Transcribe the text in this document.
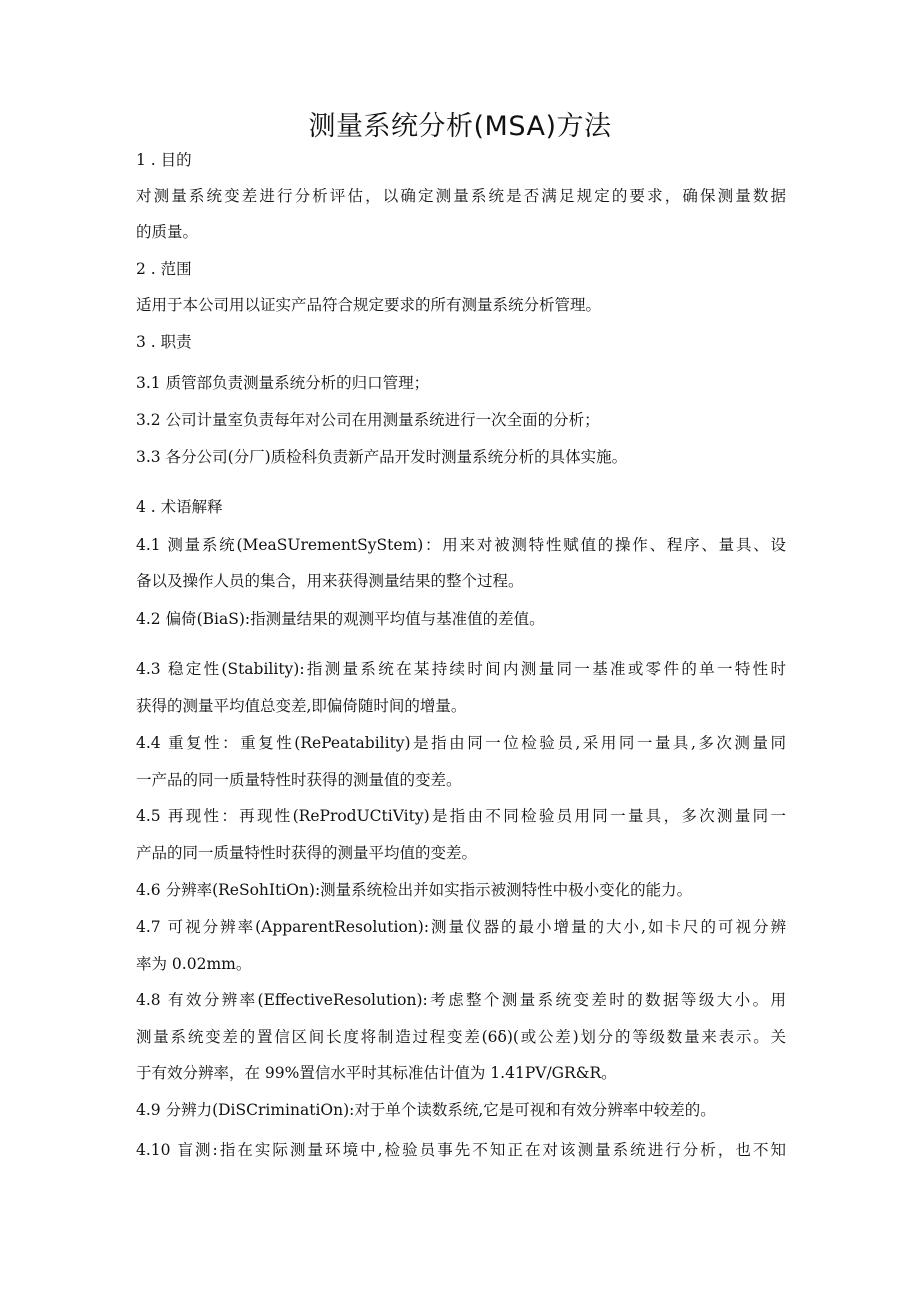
测量系统分析(MSA)方法
1 . 目的
对测量系统变差进行分析评估，以确定测量系统是否满足规定的要求，确保测量数据
的质量。
2 . 范围
适用于本公司用以证实产品符合规定要求的所有测量系统分析管理。
3 . 职责
3.1 质管部负责测量系统分析的归口管理；
3.2 公司计量室负责每年对公司在用测量系统进行一次全面的分析；
3.3 各分公司(分厂)质检科负责新产品开发时测量系统分析的具体实施。
4 . 术语解释
4.1 测量系统(MeaSUrementSyStem)：用来对被测特性赋值的操作、程序、量具、设
备以及操作人员的集合，用来获得测量结果的整个过程。
4.2 偏倚(BiaS):指测量结果的观测平均值与基准值的差值。
4.3 稳定性(Stability):指测量系统在某持续时间内测量同一基准或零件的单一特性时
获得的测量平均值总变差,即偏倚随时间的增量。
4.4 重复性：重复性(RePeatability)是指由同一位检验员,采用同一量具,多次测量同
一产品的同一质量特性时获得的测量值的变差。
4.5 再现性：再现性(ReProdUCtiVity)是指由不同检验员用同一量具，多次测量同一
产品的同一质量特性时获得的测量平均值的变差。
4.6 分辨率(ReSohItiOn):测量系统检出并如实指示被测特性中极小变化的能力。
4.7 可视分辨率(ApparentResolution):测量仪器的最小增量的大小,如卡尺的可视分辨
率为 0.02mm。
4.8 有效分辨率(EffectiveResolution):考虑整个测量系统变差时的数据等级大小。用
测量系统变差的置信区间长度将制造过程变差(6δ)(或公差)划分的等级数量来表示。关
于有效分辨率，在 99%置信水平时其标准估计值为 1.41PV/GR&R。
4.9 分辨力(DiSCriminatiOn):对于单个读数系统,它是可视和有效分辨率中较差的。
4.10 盲测:指在实际测量环境中,检验员事先不知正在对该测量系统进行分析，也不知
